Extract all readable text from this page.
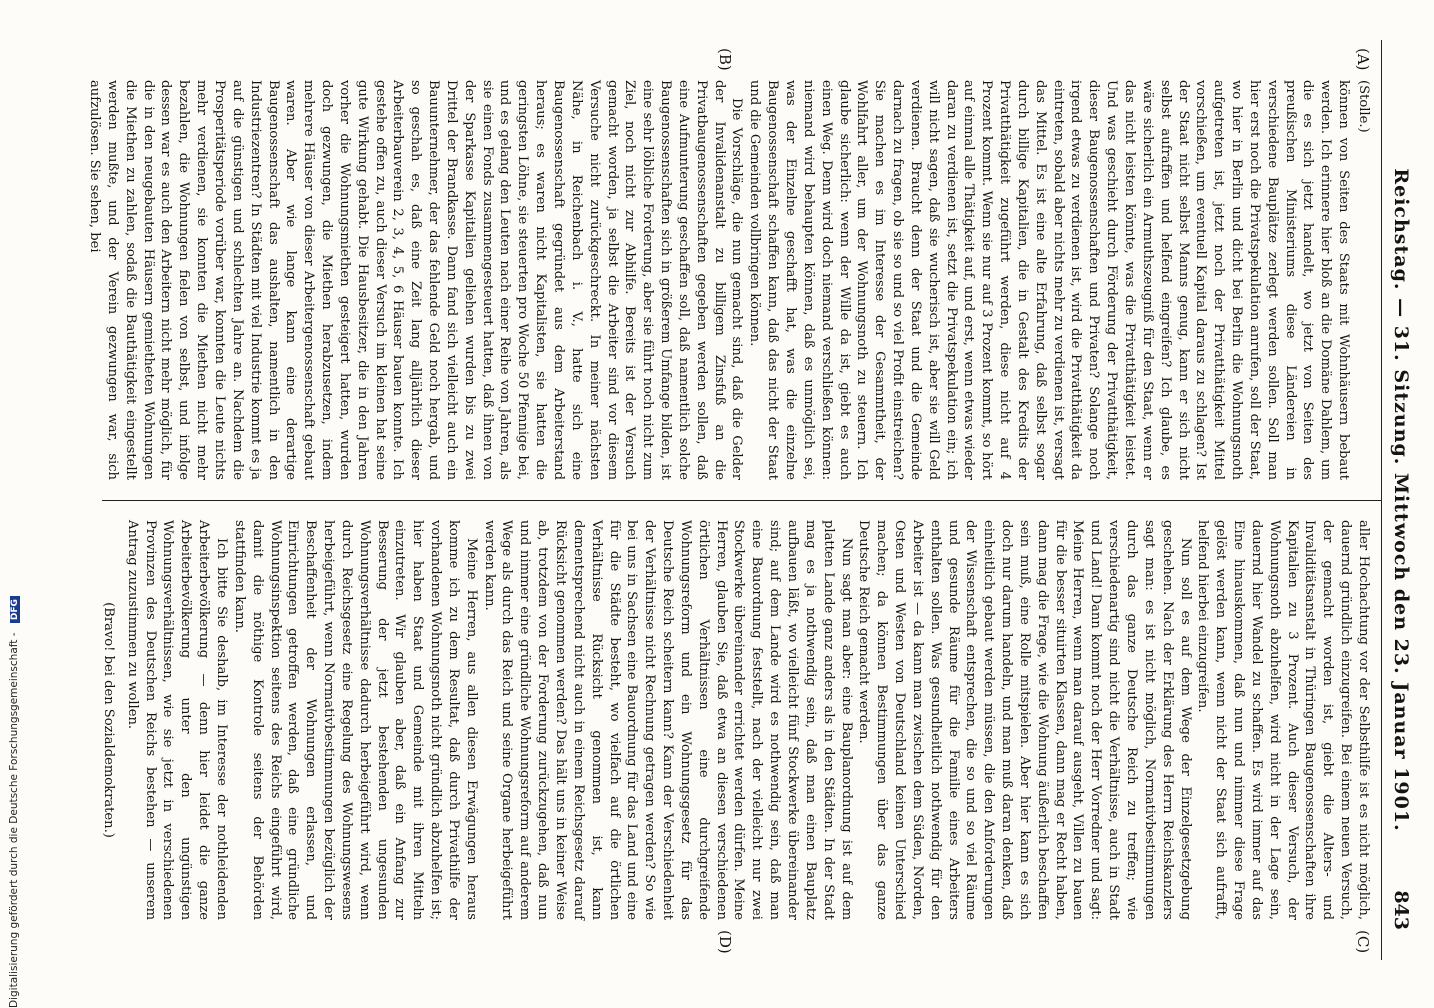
Reichstag. — 31. Sitzung. Mittwoch den 23. Januar 1901.
843
(A)
(B)
(C)
(D)

(Stolle.)

können von Seiten des Staats mit Wohnhäusern bebaut werden. Ich erinnere hier bloß an die Domäne Dahlem, um die es sich jetzt handelt, wo jetzt von Seiten des preußischen Ministeriums diese Ländereien in verschiedene Bauplätze zerlegt werden sollen. Soll man hier erst noch die Privatspekulation anrufen, soll der Staat, wo hier in Berlin und dicht bei Berlin die Wohnungsnoth aufgetreten ist, jetzt noch der Privatthätigkeit Mittel vorschießen, um eventuell Kapital daraus zu schlagen? Ist der Staat nicht selbst Manns genug, kann er sich nicht selbst aufraffen und helfend eingreifen? Ich glaube, es wäre sicherlich ein Armuthszeugniß für den Staat, wenn er das nicht leisten könnte, was die Privatthätigkeit leistet. Und was geschieht durch Förderung der Privatthätigkeit, dieser Baugenossenschaften und Privaten? Solange noch irgend etwas zu verdienen ist, wird die Privatthätigkeit da eintreten, sobald aber nichts mehr zu verdienen ist, versagt das Mittel. Es ist eine alte Erfahrung, daß selbst sogar durch billige Kapitalien, die in Gestalt des Kredits der Privatthätigkeit zugeführt werden, diese nicht auf 4 Prozent kommt. Wenn sie nur auf 3 Prozent kommt, so hört auf einmal alle Thätigkeit auf, und erst, wenn etwas wieder daran zu verdienen ist, setzt die Privatspekulation ein; ich will nicht sagen, daß sie wucherisch ist, aber sie will Geld verdienen. Braucht denn der Staat und die Gemeinde darnach zu fragen, ob sie so und so viel Profit einstreichen? Sie machen es im Interesse der Gesammtheit, der Wohlfahrt aller, um der Wohnungsnoth zu steuern. Ich glaube sicherlich: wenn der Wille da ist, giebt es auch einen Weg. Denn wird doch niemand verschließen können: niemand wird behaupten können, daß es unmöglich sei, was der Einzelne geschafft hat, was die einzelne Baugenossenschaft schaffen kann, daß das nicht der Staat und die Gemeinden vollbringen können.

Die Vorschläge, die nun gemacht sind, daß die Gelder der Invalidenanstalt zu billigem Zinsfuß an die Privatbaugenossenschaften gegeben werden sollen, daß eine Aufmunterung geschaffen soll, daß namentlich solche Baugenossenschaften sich in größerem Umfange bilden, ist eine sehr löbliche Forderung, aber sie führt noch nicht zum Ziel, noch nicht zur Abhilfe. Bereits ist der Versuch gemacht worden, ja selbst die Arbeiter sind vor diesem Versuche nicht zurückgeschreckt. In meiner nächsten Nähe, in Reichenbach i. V., hatte sich eine Baugenossenschaft gegründet aus dem Arbeiterstand heraus; es waren nicht Kapitalisten, sie hatten die geringsten Löhne, sie steuerten pro Woche 50 Pfennige bei, und es gelang den Leuten nach einer Reihe von Jahren, als sie einen Fonds zusammengesteuert hatten, daß ihnen von der Sparkasse Kapitalien geliehen wurden bis zu zwei Drittel der Brandkasse. Dann fand sich vielleicht auch ein Bauunternehmer, der das fehlende Geld noch hergab, und so geschah es, daß eine Zeit lang alljährlich dieser Arbeiterbauverein 2, 3, 4, 5, 6 Häuser bauen konnte. Ich gestehe offen zu, auch dieser Versuch im kleinen hat seine gute Wirkung gehabt. Die Hausbesitzer, die in den Jahren vorher die Wohnungsmiethen gesteigert hatten, wurden doch gezwungen, die Miethen herabzusetzen, indem mehrere Häuser von dieser Arbeitergenossenschaft gebaut waren. Aber wie lange kann eine derartige Baugenossenschaft das aushalten, namentlich in den Industriezentren? In Städten mit viel Industrie kommt es ja auf die günstigen und schlechten Jahre an. Nachdem die Prosperitätsperiode vorüber war, konnten die Leute nichts mehr verdienen, sie konnten die Miethen nicht mehr bezahlen, die Wohnungen fielen von selbst, und infolge dessen war es auch den Arbeitern nicht mehr möglich, für die in den neugebauten Häusern gemietheten Wohnungen die Miethen zu zahlen, sodaß die Bauthätigkeit eingestellt werden mußte, und der Verein gezwungen war, sich aufzulösen. Sie sehen, bei

aller Hochachtung vor der Selbsthilfe ist es nicht möglich, dauernd gründlich einzugreifen. Bei einem neuen Versuch, der gemacht worden ist, giebt die Alters- und Invaliditätsanstalt in Thüringen Baugenossenschaften ihre Kapitalien zu 3 Prozent. Auch dieser Versuch, der Wohnungsnoth abzuhelfen, wird nicht in der Lage sein, dauernd hier Wandel zu schaffen. Es wird immer auf das Eine hinauskommen, daß nun und nimmer diese Frage gelöst werden kann, wenn nicht der Staat sich aufrafft, helfend hierbei einzugreifen.

Nun soll es auf dem Wege der Einzelgesetzgebung geschehen. Nach der Erklärung des Herrn Reichskanzlers sagt man: es ist nicht möglich, Normativbestimmungen durch das ganze Deutsche Reich zu treffen; wie verschiedenartig sind nicht die Verhältnisse, auch in Stadt und Land! Dann kommt noch der Herr Vorredner und sagt: Meine Herren, wenn man darauf ausgeht, Villen zu bauen für die besser situirten Klassen, dann mag er Recht haben, dann mag die Frage, wie die Wohnung äußerlich beschaffen sein muß, eine Rolle mitspielen. Aber hier kann es sich doch nur darum handeln, und man muß daran denken, daß einheitlich gebaut werden müssen, die den Anforderungen der Wissenschaft entsprechen, die so und so viel Räume und gesunde Räume für die Familie eines Arbeiters enthalten sollen. Was gesundheitlich nothwendig für den Arbeiter ist — da kann man zwischen dem Süden, Norden, Osten und Westen von Deutschland keinen Unterschied machen; da können Bestimmungen über das ganze Deutsche Reich gemacht werden.

Nun sagt man aber: eine Bauplanordnung ist auf dem platten Lande ganz anders als in den Städten. In der Stadt mag es ja nothwendig sein, daß man einen Bauplatz aufbauen läßt, wo vielleicht fünf Stockwerke übereinander sind; auf dem Lande wird es nothwendig sein, daß man eine Bauordnung feststellt, nach der vielleicht nur zwei Stockwerke übereinander errichtet werden dürfen. Meine Herren, glauben Sie, daß etwa an diesen verschiedenen örtlichen Verhältnissen eine durchgreifende Wohnungsreform und ein Wohnungsgesetz für das Deutsche Reich scheitern kann? Kann der Verschiedenheit der Verhältnisse nicht Rechnung getragen werden? So wie bei uns in Sachsen eine Bauordnung für das Land und eine für die Städte besteht, wo vielfach auf die örtlichen Verhältnisse Rücksicht genommen ist, kann dementsprechend nicht auch in einem Reichsgesetz darauf Rücksicht genommen werden? Das hält uns in keiner Weise ab, trotzdem von der Forderung zurückzugehen, daß nun und nimmer eine gründliche Wohnungsreform auf anderem Wege als durch das Reich und seine Organe herbeigeführt werden kann.

Meine Herren, aus allen diesen Erwägungen heraus komme ich zu dem Resultat, daß durch Privathilfe der vorhandenen Wohnungsnoth nicht gründlich abzuhelfen ist; hier haben Staat und Gemeinde mit ihren Mitteln einzutreten. Wir glauben aber, daß ein Anfang zur Besserung der jetzt bestehenden ungesunden Wohnungsverhältnisse dadurch herbeigeführt wird, wenn durch Reichsgesetz eine Regelung des Wohnungswesens herbeigeführt, wenn Normativbestimmungen bezüglich der Beschaffenheit der Wohnungen erlassen, und Einrichtungen getroffen werden, daß eine gründliche Wohnungsinspektion seitens des Reichs eingeführt wird, damit die nöthige Kontrole seitens der Behörden stattfinden kann.

Ich bitte Sie deshalb, im Interesse der nothleidenden Arbeiterbevölkerung — denn hier leidet die ganze Arbeiterbevölkerung unter den ungünstigen Wohnungsverhältnissen, wie sie jetzt in verschiedenen Provinzen des Deutschen Reichs bestehen — unserem Antrag zuzustimmen zu wollen.

(Bravo! bei den Sozialdemokraten.)

Digitalisierung gefördert durch die Deutsche Forschungsgemeinschaft - DFG
